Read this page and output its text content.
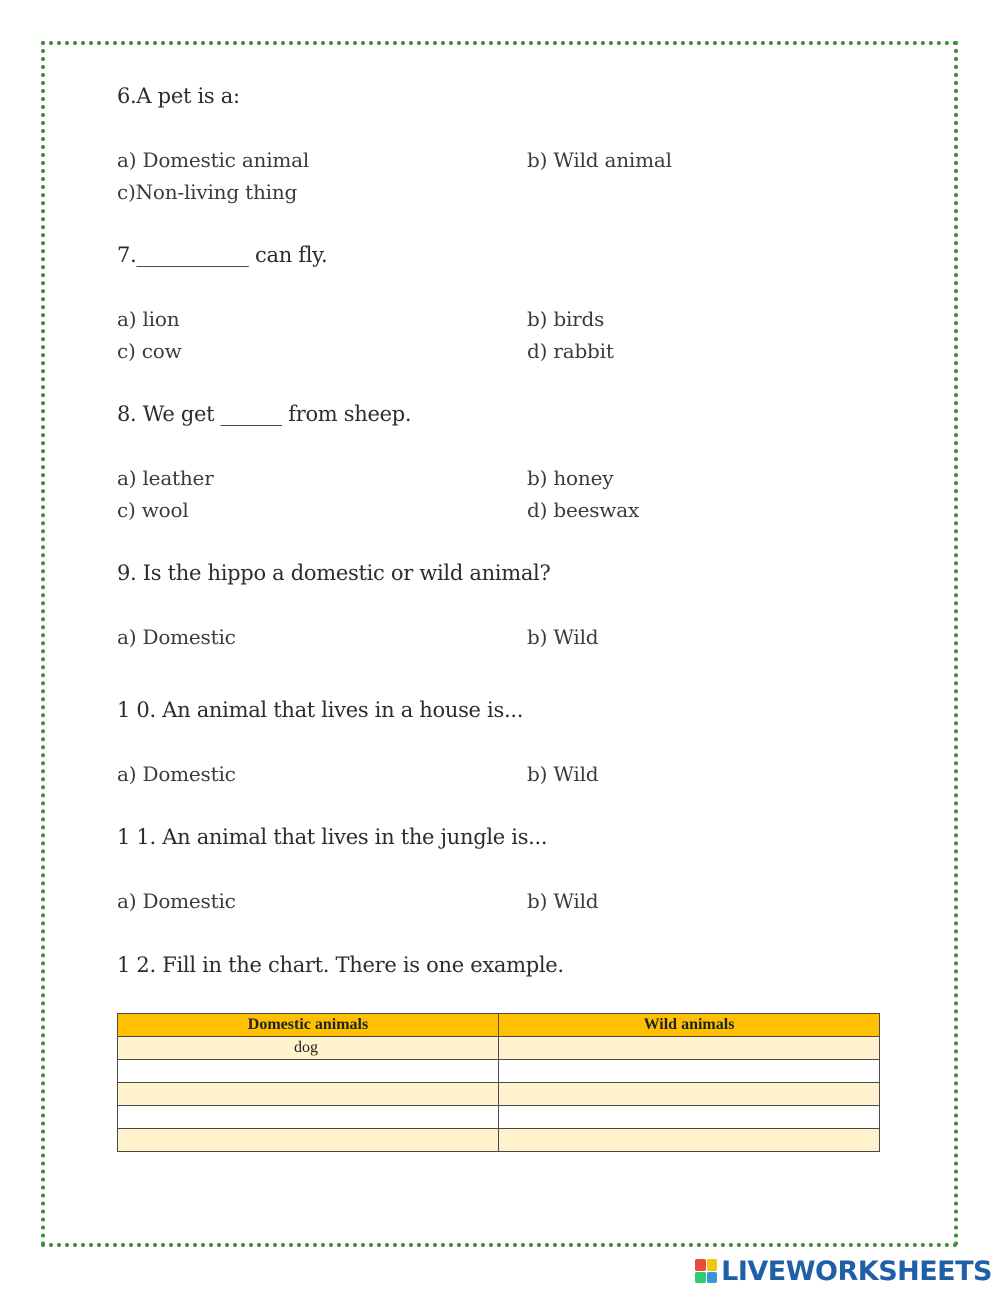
6.A pet is a:
a) Domestic animal	b) Wild animal
c)Non-living thing
7.___________ can fly.
a) lion	b) birds
c) cow	d) rabbit
8. We get ______ from sheep.
a) leather	b) honey
c) wool	d) beeswax
9. Is the hippo a domestic or wild animal?
a) Domestic	b) Wild
1 0. An animal that lives in a house is...
a) Domestic	b) Wild
1 1. An animal that lives in the jungle is...
a) Domestic	b) Wild
1 2. Fill in the chart. There is one example.
Domestic animals	Wild animals
dog	

LIVEWORKSHEETS
